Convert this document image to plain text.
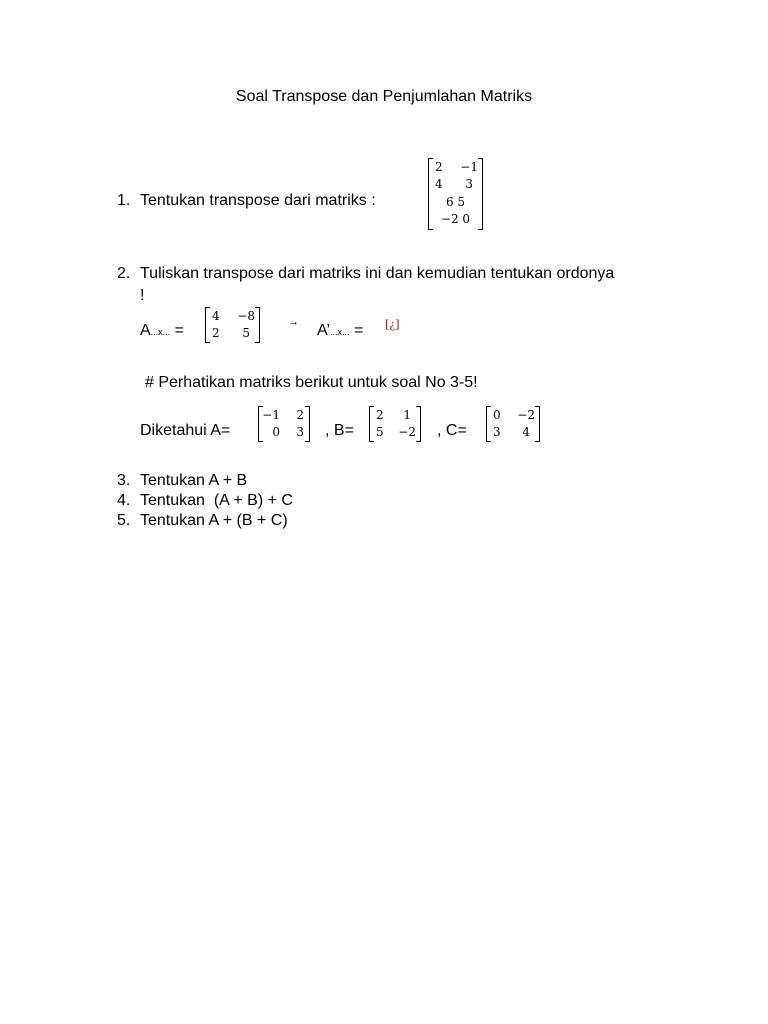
Soal Transpose dan Penjumlahan Matriks
1. Tentukan transpose dari matriks :
2 −1
4 3
6 5
−2 0
2. Tuliskan transpose dari matriks ini dan kemudian tentukan ordonya
!
A...x... =
4 −8
2 5
→ A’...x... = [¿]
# Perhatikan matriks berikut untuk soal No 3-5!
Diketahui A=
−1 2
0 3 , B=
2 1
5 −2 , C=
0 −2
3 4
3. Tentukan A + B
4. Tentukan  (A + B) + C
5. Tentukan A + (B + C)
